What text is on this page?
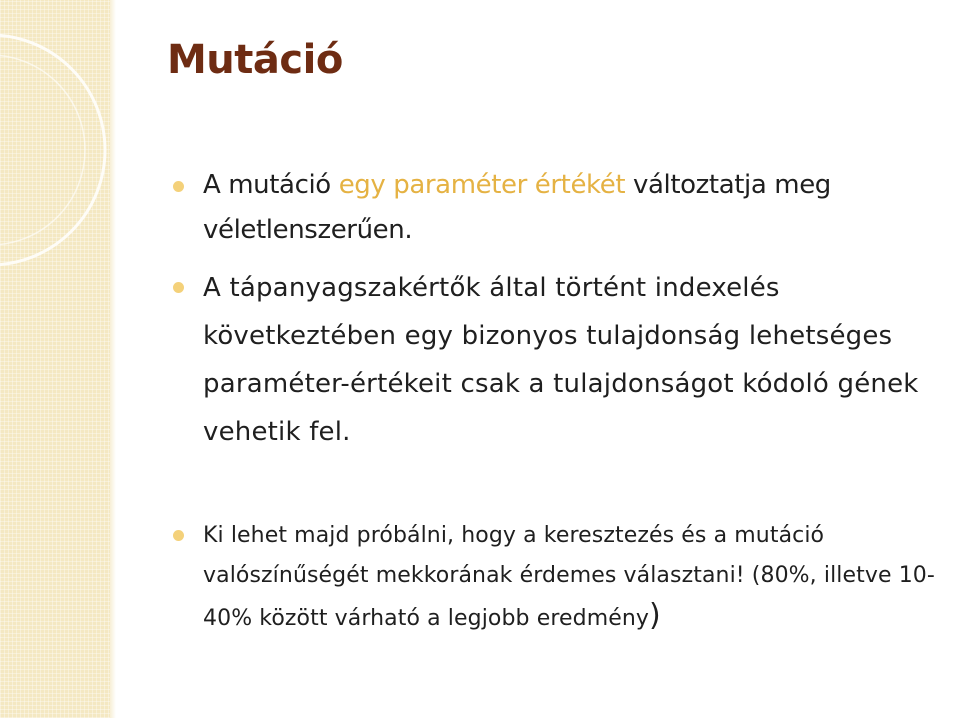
Mutáció

A mutáció egy paraméter értékét változtatja meg véletlenszerűen.

A tápanyagszakértők által történt indexelés következtében egy bizonyos tulajdonság lehetséges paraméter-értékeit csak a tulajdonságot kódoló gének vehetik fel.

Ki lehet majd próbálni, hogy a keresztezés és a mutáció valószínűségét mekkorának érdemes választani! (80%, illetve 10-40% között várható a legjobb eredmény)
